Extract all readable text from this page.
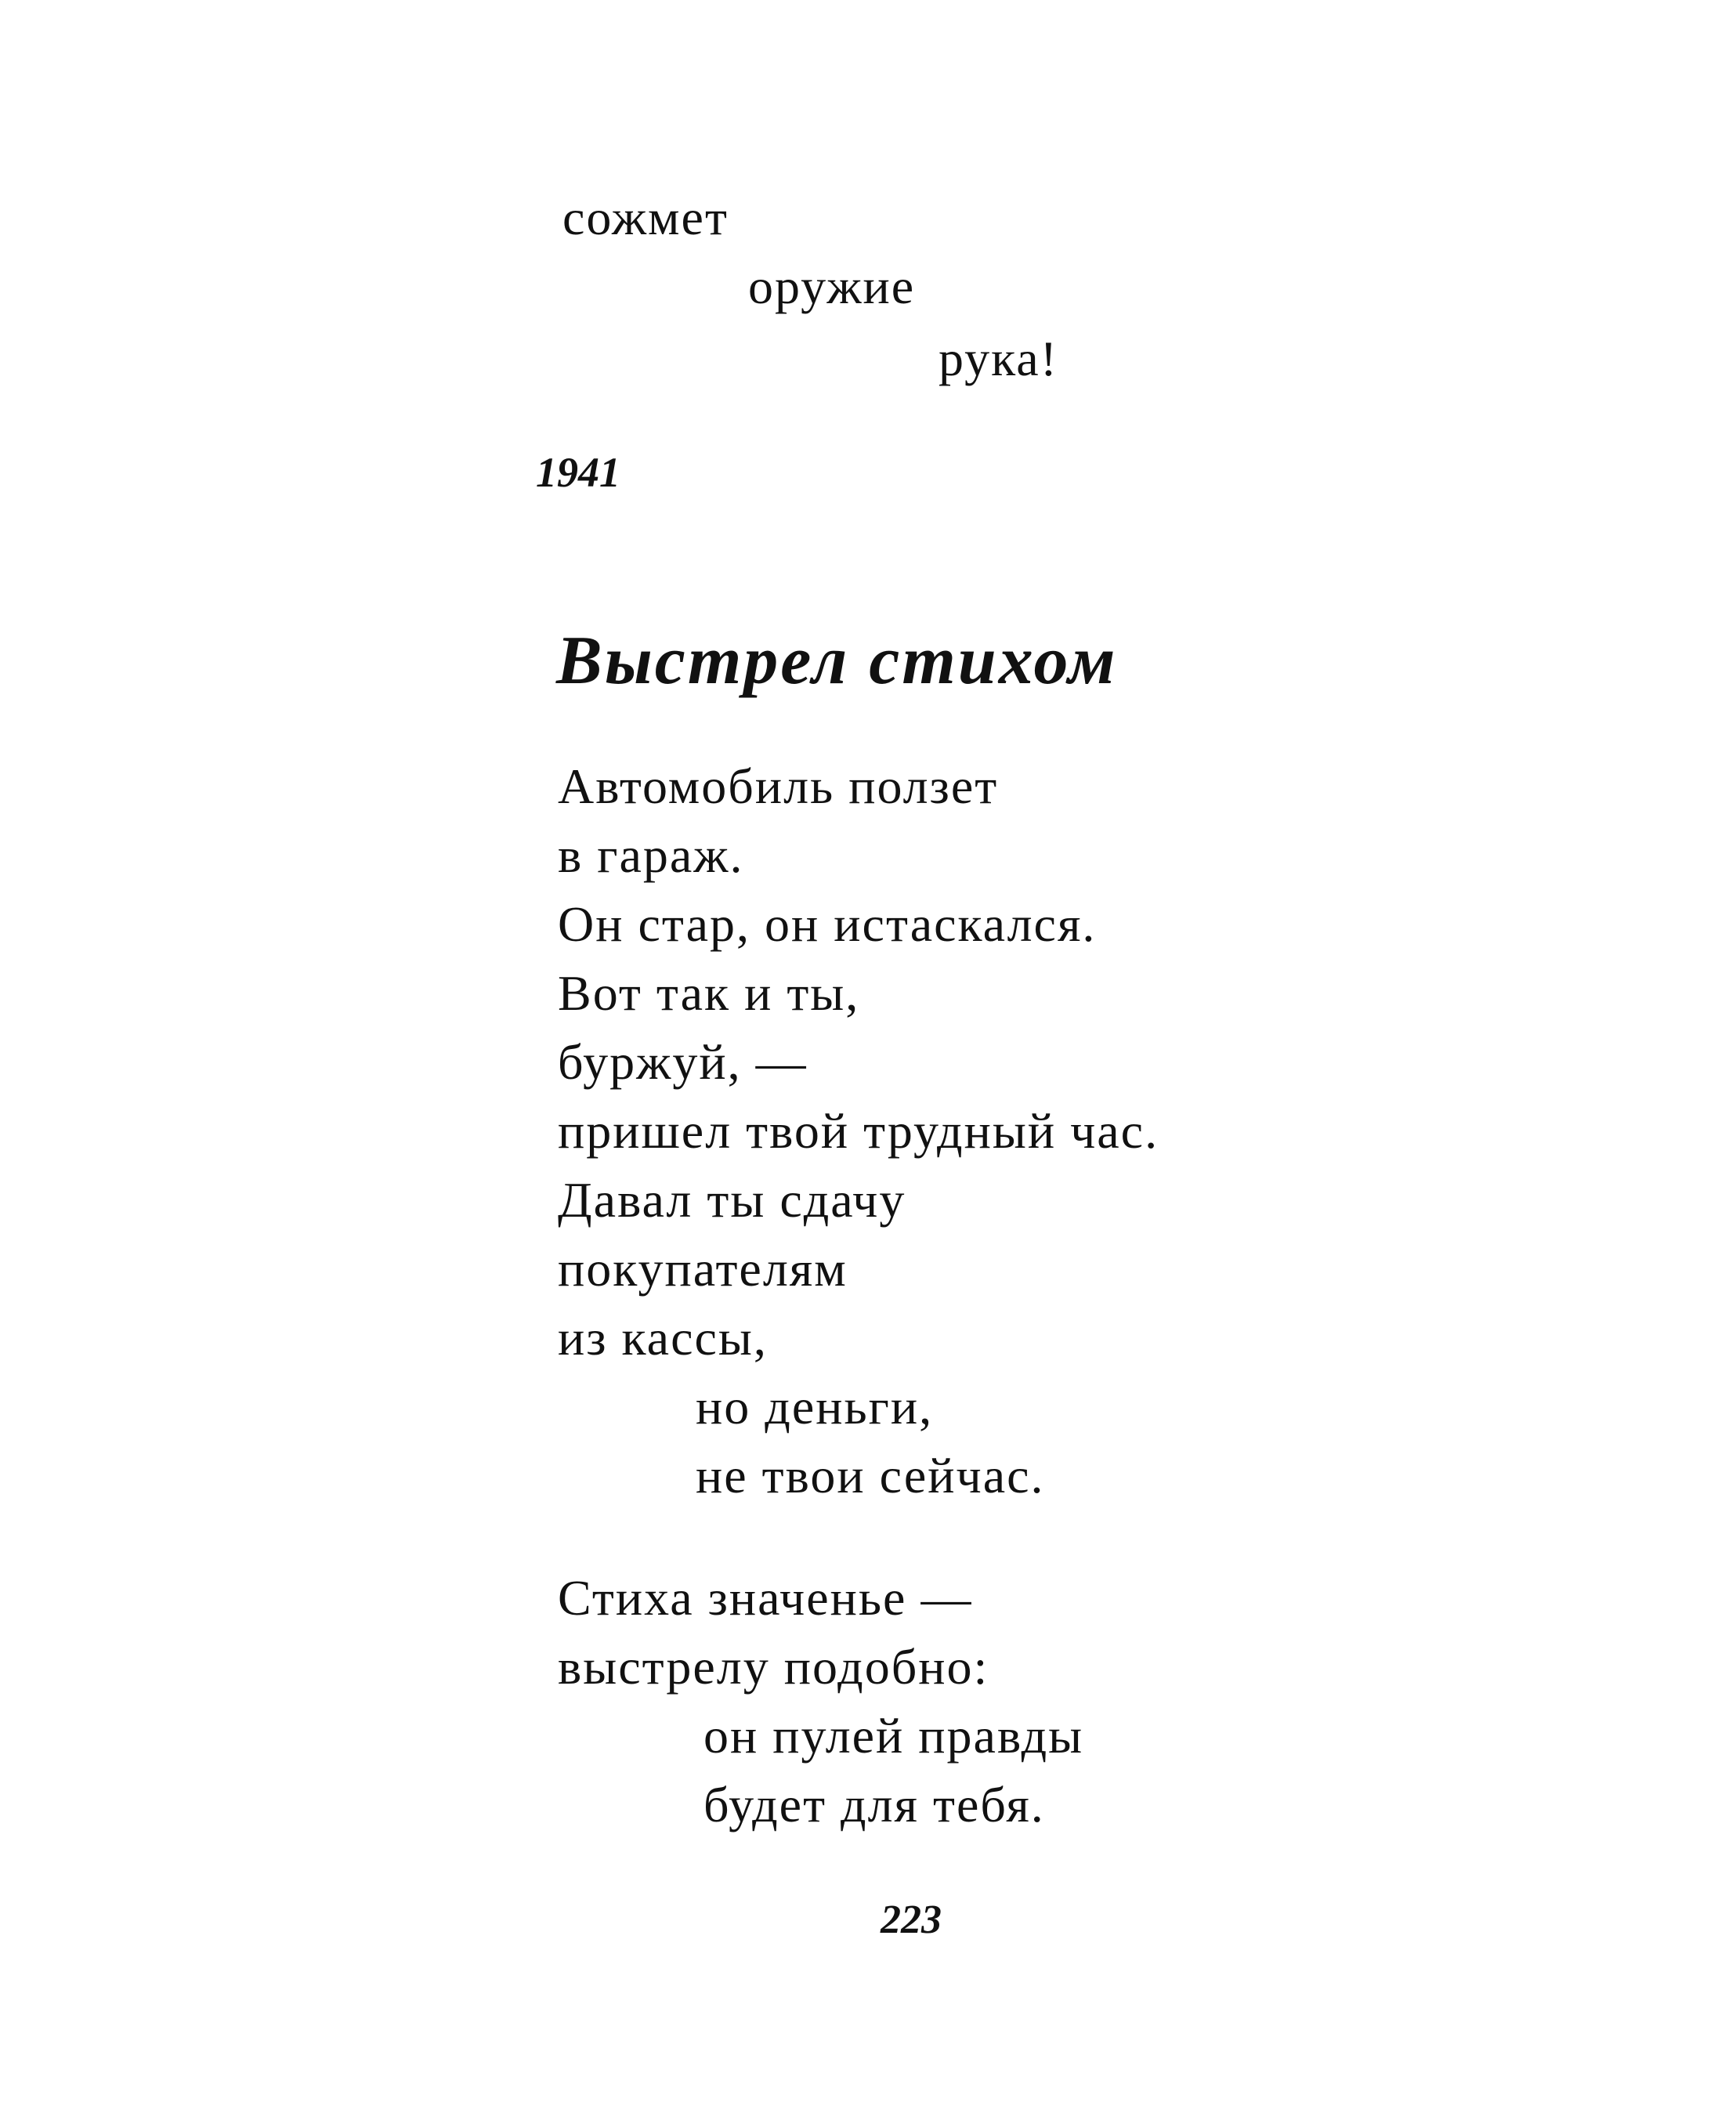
сожмет
оружие
рука!
1941
Выстрел стихом
Автомобиль ползет
в гараж.
Он стар, он истаскался.
Вот так и ты,
буржуй, —
пришел твой трудный час.
Давал ты сдачу
покупателям
из кассы,
но деньги,
не твои сейчас.
Стиха значенье —
выстрелу подобно:
он пулей правды
будет для тебя.
223
